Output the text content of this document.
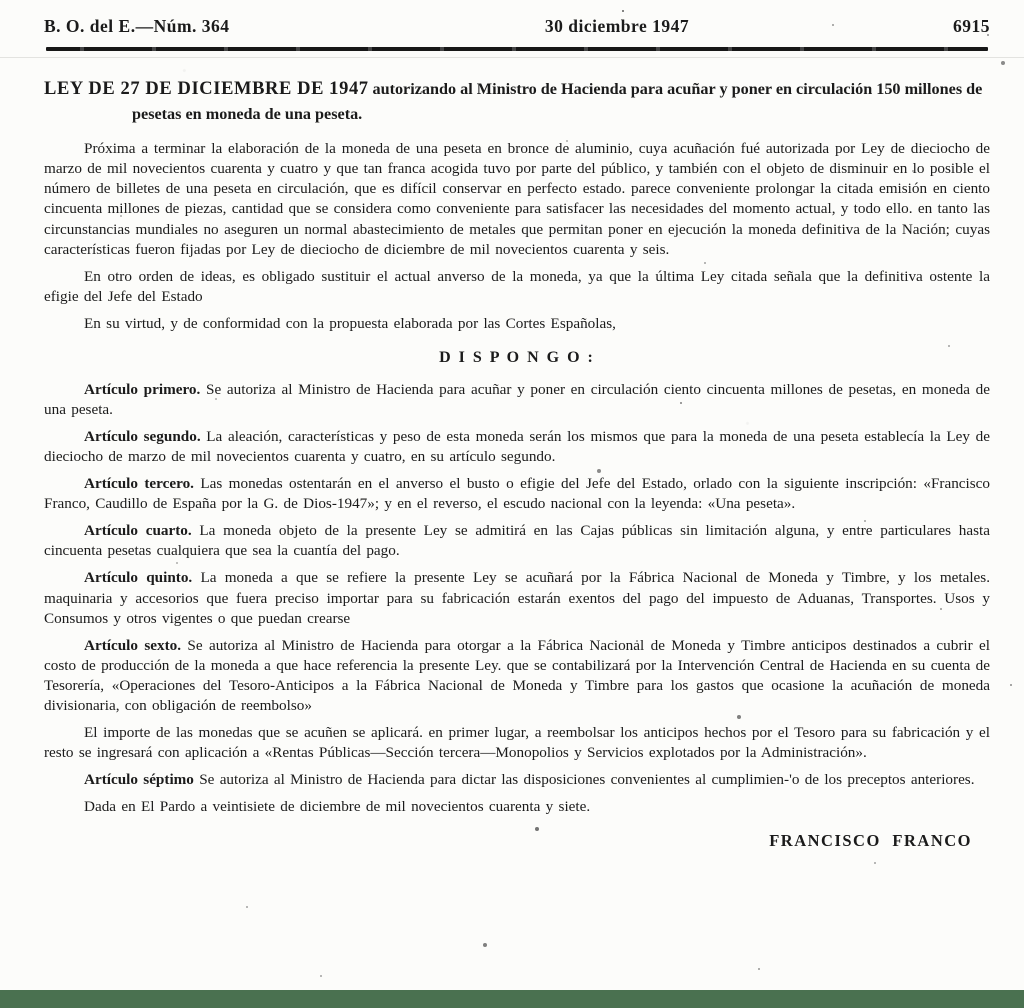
B. O. del E.—Núm. 364	30 diciembre 1947	6915

LEY DE 27 DE DICIEMBRE DE 1947 autorizando al Ministro de Hacienda para acuñar y poner en circulación 150 millones de pesetas en moneda de una peseta.

Próxima a terminar la elaboración de la moneda de una peseta en bronce de aluminio, cuya acuñación fué autorizada por Ley de dieciocho de marzo de mil novecientos cuarenta y cuatro y que tan franca acogida tuvo por parte del público, y también con el objeto de disminuir en lo posible el número de billetes de una peseta en circulación, que es difícil conservar en perfecto estado. parece conveniente prolongar la citada emisión en ciento cincuenta millones de piezas, cantidad que se considera como conveniente para satisfacer las necesidades del momento actual, y todo ello. en tanto las circunstancias mundiales no aseguren un normal abastecimiento de metales que permitan poner en ejecución la moneda definitiva de la Nación; cuyas características fueron fijadas por Ley de dieciocho de diciembre de mil novecientos cuarenta y seis.

En otro orden de ideas, es obligado sustituir el actual anverso de la moneda, ya que la última Ley citada señala que la definitiva ostente la efigie del Jefe del Estado

En su virtud, y de conformidad con la propuesta elaborada por las Cortes Españolas,

D I S P O N G O :

Artículo primero. Se autoriza al Ministro de Hacienda para acuñar y poner en circulación ciento cincuenta millones de pesetas, en moneda de una peseta.

Artículo segundo. La aleación, características y peso de esta moneda serán los mismos que para la moneda de una peseta establecía la Ley de dieciocho de marzo de mil novecientos cuarenta y cuatro, en su artículo segundo.

Artículo tercero. Las monedas ostentarán en el anverso el busto o efigie del Jefe del Estado, orlado con la siguiente inscripción: «Francisco Franco, Caudillo de España por la G. de Dios-1947»; y en el reverso, el escudo nacional con la leyenda: «Una peseta».

Artículo cuarto. La moneda objeto de la presente Ley se admitirá en las Cajas públicas sin limitación alguna, y entre particulares hasta cincuenta pesetas cualquiera que sea la cuantía del pago.

Artículo quinto. La moneda a que se refiere la presente Ley se acuñará por la Fábrica Nacional de Moneda y Timbre, y los metales. maquinaria y accesorios que fuera preciso importar para su fabricación estarán exentos del pago del impuesto de Aduanas, Transportes. Usos y Consumos y otros vigentes o que puedan crearse

Artículo sexto. Se autoriza al Ministro de Hacienda para otorgar a la Fábrica Nacional de Moneda y Timbre anticipos destinados a cubrir el costo de producción de la moneda a que hace referencia la presente Ley. que se contabilizará por la Intervención Central de Hacienda en su cuenta de Tesorería, «Operaciones del Tesoro-Anticipos a la Fábrica Nacional de Moneda y Timbre para los gastos que ocasione la acuñación de moneda divisionaria, con obligación de reembolso»

El importe de las monedas que se acuñen se aplicará. en primer lugar, a reembolsar los anticipos hechos por el Tesoro para su fabricación y el resto se ingresará con aplicación a «Rentas Públicas—Sección tercera—Monopolios y Servicios explotados por la Administración».

Artículo séptimo Se autoriza al Ministro de Hacienda para dictar las disposiciones convenientes al cumplimien-'o de los preceptos anteriores.

Dada en El Pardo a veintisiete de diciembre de mil novecientos cuarenta y siete.

FRANCISCO FRANCO
